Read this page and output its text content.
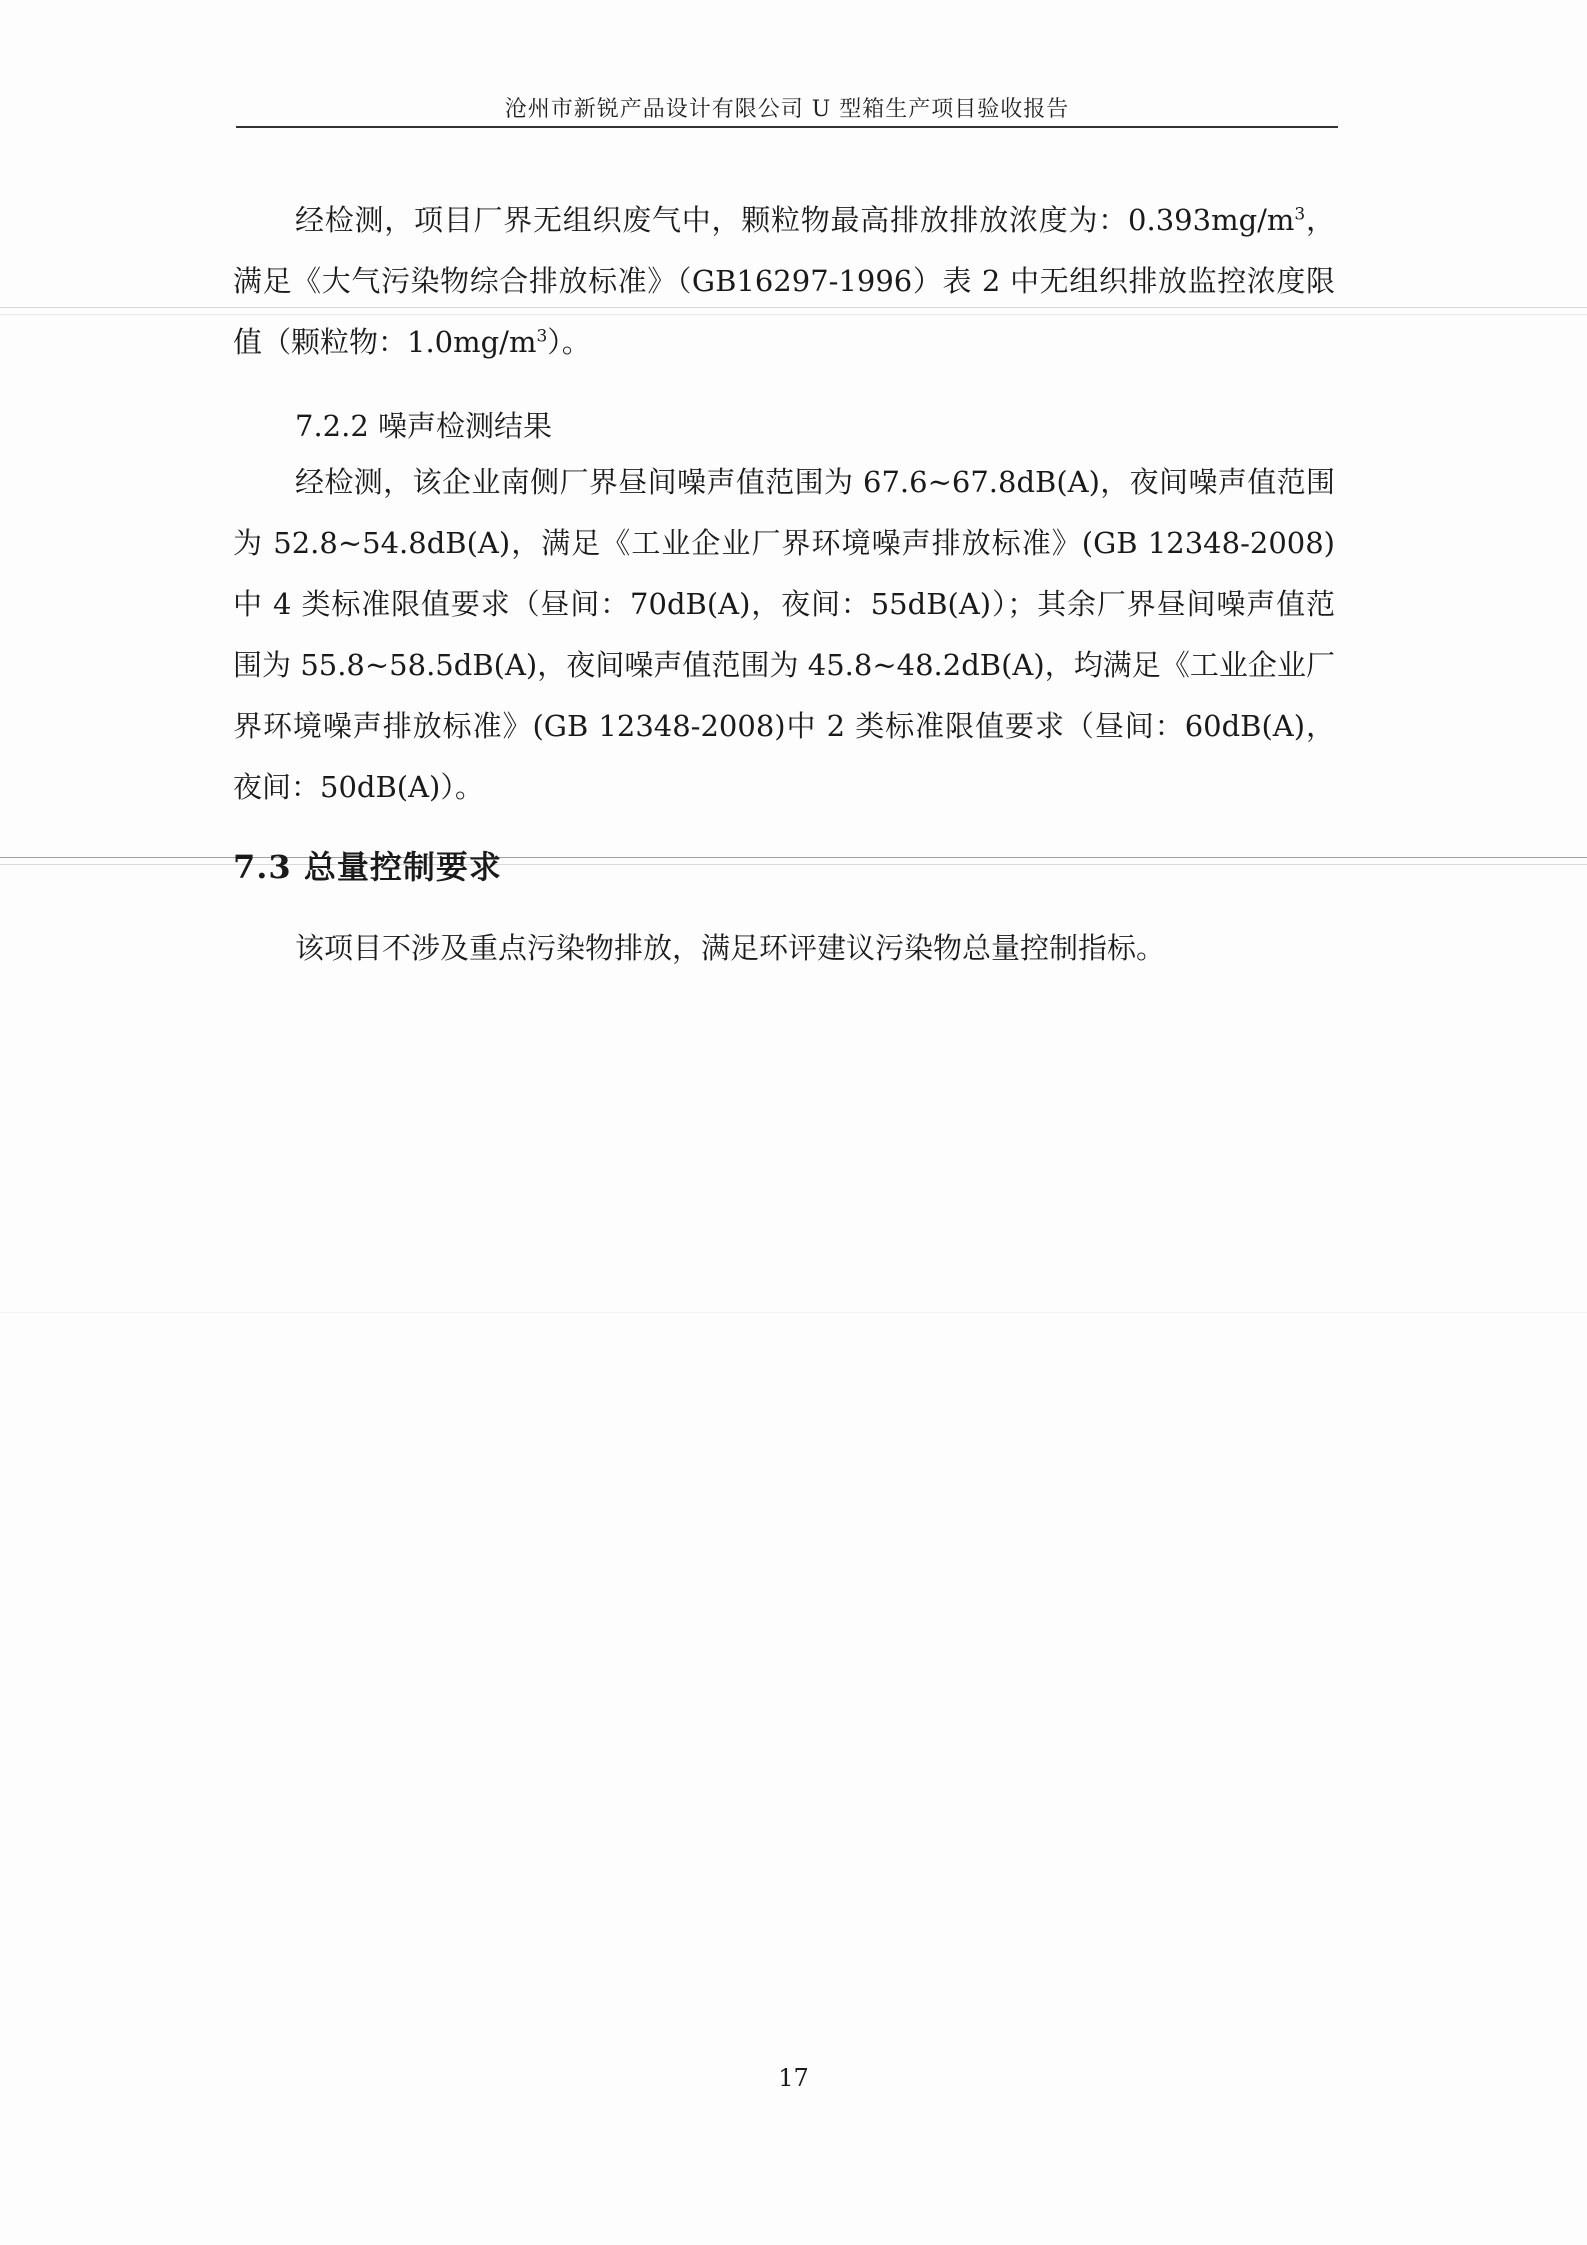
沧州市新锐产品设计有限公司 U 型箱生产项目验收报告
经检测，项目厂界无组织废气中，颗粒物最高排放排放浓度为：$0.393mg/m^3$，满足《大气污染物综合排放标准》（GB16297-1996）表 2 中无组织排放监控浓度限值（颗粒物：$1.0mg/m^3$）。
7.2.2 噪声检测结果
经检测，该企业南侧厂界昼间噪声值范围为 67.6~67.8dB(A)，夜间噪声值范围为 52.8~54.8dB(A)，满足《工业企业厂界环境噪声排放标准》(GB 12348-2008) 中 4 类标准限值要求（昼间：70dB(A)，夜间：55dB(A)）；其余厂界昼间噪声值范围为 55.8~58.5dB(A)，夜间噪声值范围为 45.8~48.2dB(A)，均满足《工业企业厂界环境噪声排放标准》(GB 12348-2008)中 2 类标准限值要求（昼间：60dB(A)，夜间：50dB(A)）。
7.3 总量控制要求
该项目不涉及重点污染物排放，满足环评建议污染物总量控制指标。
17
